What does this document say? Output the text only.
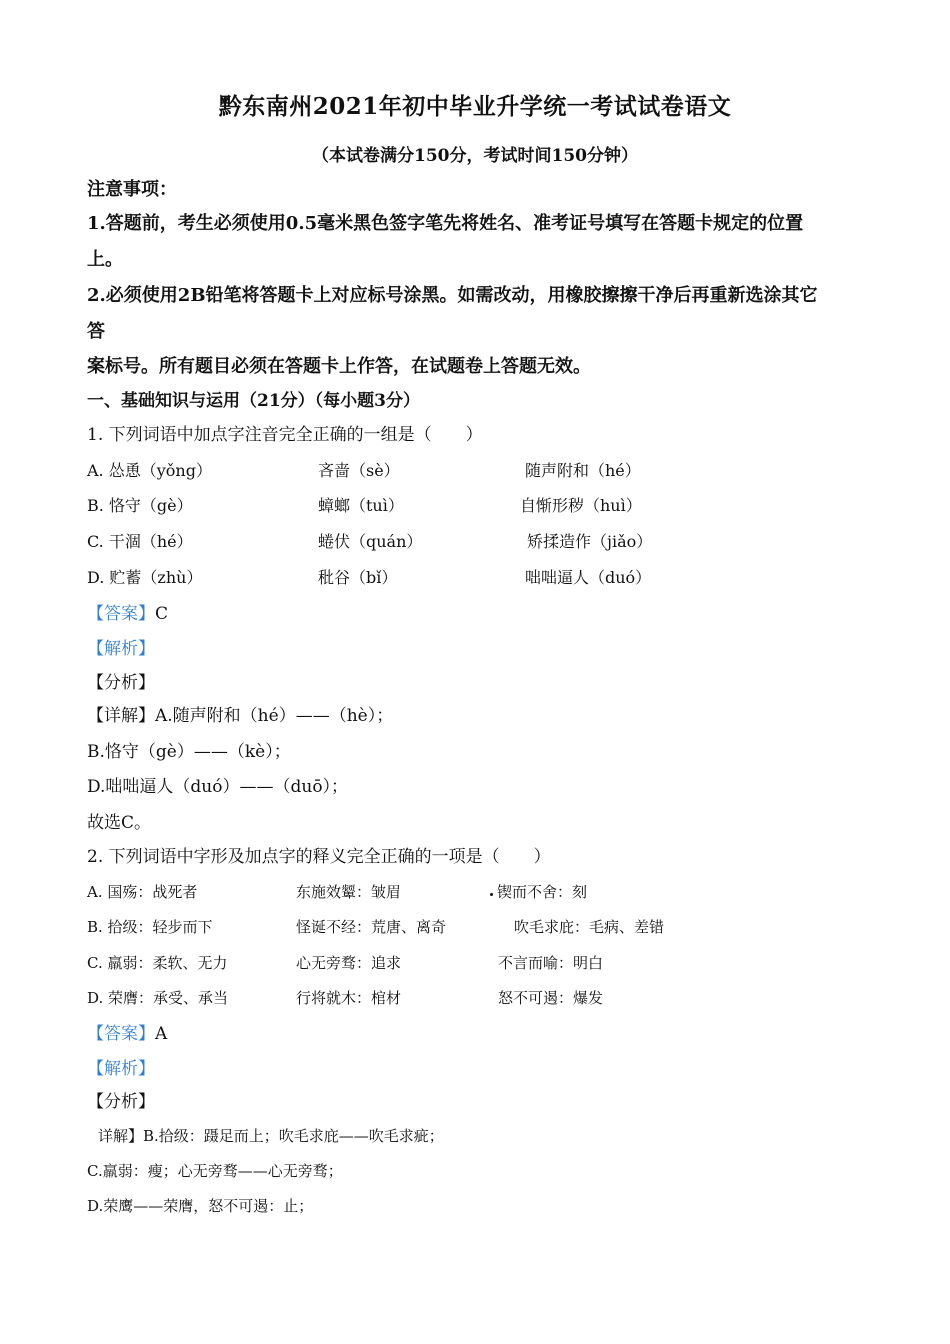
黔东南州2021年初中毕业升学统一考试试卷语文
（本试卷满分150分，考试时间150分钟）
注意事项：
1.答题前，考生必须使用0.5毫米黑色签字笔先将姓名、准考证号填写在答题卡规定的位置
上。
2.必须使用2B铅笔将答题卡上对应标号涂黑。如需改动，用橡胶擦擦干净后再重新选涂其它
答
案标号。所有题目必须在答题卡上作答，在试题卷上答题无效。
一、基础知识与运用（21分）（每小题3分）
1. 下列词语中加点字注音完全正确的一组是（　　）
A. 怂恿（yǒng）	吝啬（sè）	随声附和（hé）
B. 恪守（gè）	蟑螂（tuì）	自惭形秽（huì）
C. 干涸（hé）	蜷伏（quán）	矫揉造作（jiǎo）
D. 贮蓄（zhù）	秕谷（bǐ）	咄咄逼人（duó）
【答案】C
【解析】
【分析】
【详解】A.随声附和（hé）——（hè）；
B.恪守（gè）——（kè）；
D.咄咄逼人（duó）——（duō）；
故选C。
2. 下列词语中字形及加点字的释义完全正确的一项是（　　）
A. 国殇：战死者	东施效颦：皱眉	锲而不舍：刻
B. 拾级：轻步而下	怪诞不经：荒唐、离奇	吹毛求庇：毛病、差错
C. 羸弱：柔软、无力	心无旁骛：追求	不言而喻：明白
D. 荣膺：承受、承当	行将就木：棺材	怒不可遏：爆发
【答案】A
【解析】
【分析】
详解】B.拾级：蹑足而上；吹毛求庇——吹毛求疵；
C.羸弱：瘦；心无旁骛——心无旁骛；
D.荣鹰——荣膺，怒不可遏：止；
